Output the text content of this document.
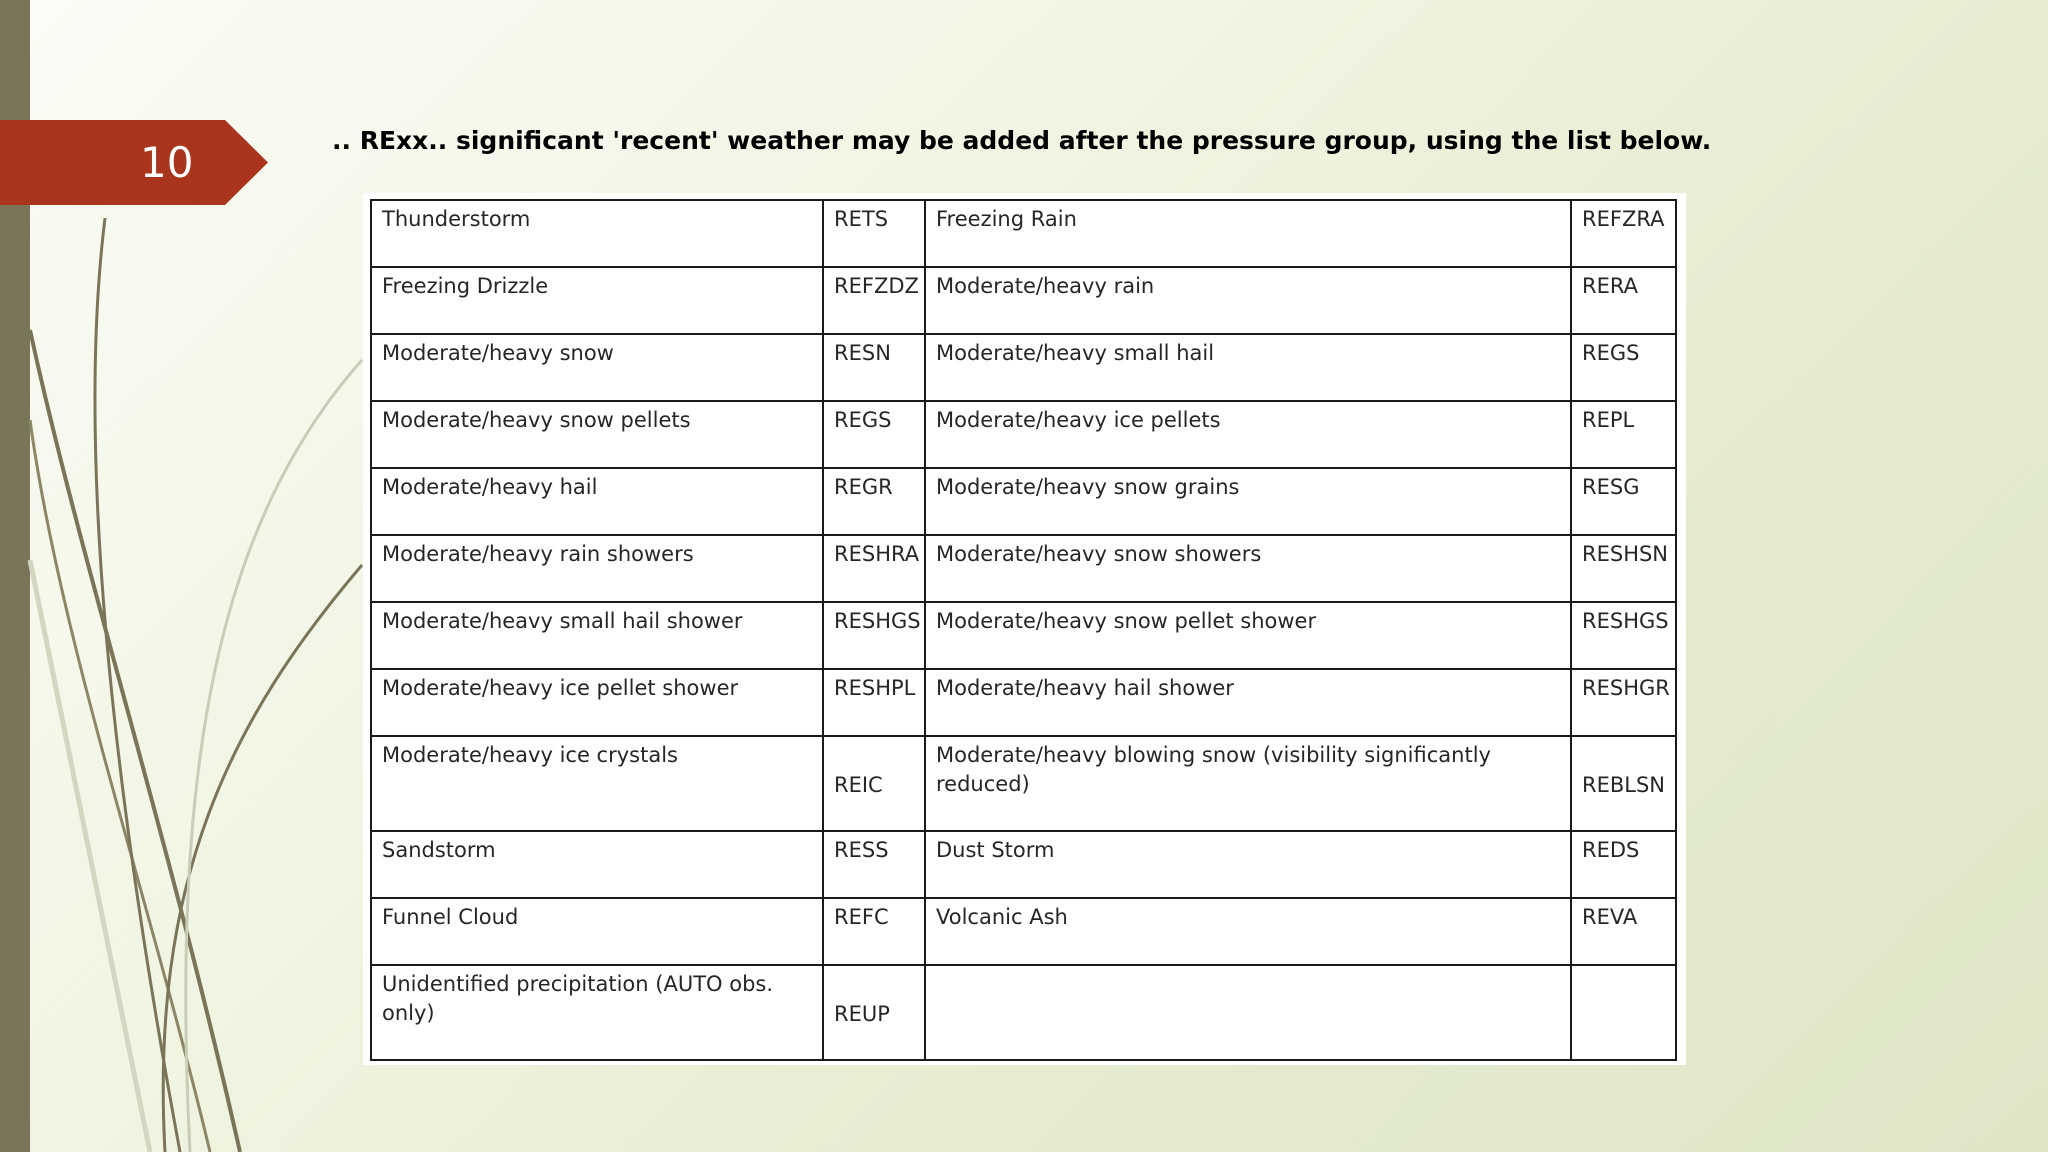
10	.. RExx.. significant 'recent' weather may be added after the pressure group, using the list below.
Thunderstorm	RETS	Freezing Rain	REFZRA
Freezing Drizzle	REFZDZ	Moderate/heavy rain	RERA
Moderate/heavy snow	RESN	Moderate/heavy small hail	REGS
Moderate/heavy snow pellets	REGS	Moderate/heavy ice pellets	REPL
Moderate/heavy hail	REGR	Moderate/heavy snow grains	RESG
Moderate/heavy rain showers	RESHRA	Moderate/heavy snow showers	RESHSN
Moderate/heavy small hail shower	RESHGS	Moderate/heavy snow pellet shower	RESHGS
Moderate/heavy ice pellet shower	RESHPL	Moderate/heavy hail shower	RESHGR
Moderate/heavy ice crystals	REIC	Moderate/heavy blowing snow (visibility significantly reduced)	REBLSN
Sandstorm	RESS	Dust Storm	REDS
Funnel Cloud	REFC	Volcanic Ash	REVA
Unidentified precipitation (AUTO obs. only)	REUP		
